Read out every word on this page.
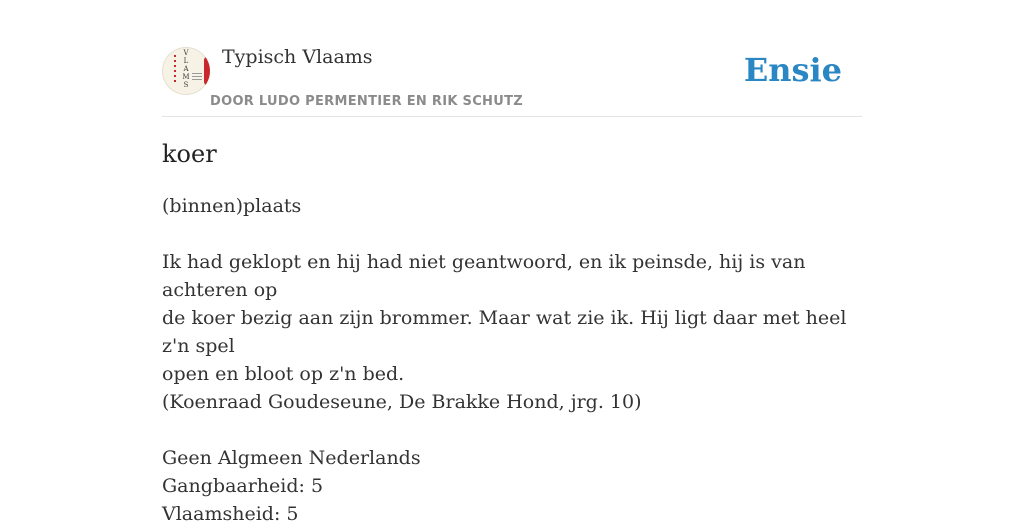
V
L
A
M
S
Typisch Vlaams
DOOR LUDO PERMENTIER EN RIK SCHUTZ
Ensie
koer

(binnen)plaats

Ik had geklopt en hij had niet geantwoord, en ik peinsde, hij is van achteren op

de koer bezig aan zijn brommer. Maar wat zie ik. Hij ligt daar met heel z'n spel

open en bloot op z'n bed.

(Koenraad Goudeseune, De Brakke Hond, jrg. 10)

Geen Algmeen Nederlands

Gangbaarheid: 5

Vlaamsheid: 5
